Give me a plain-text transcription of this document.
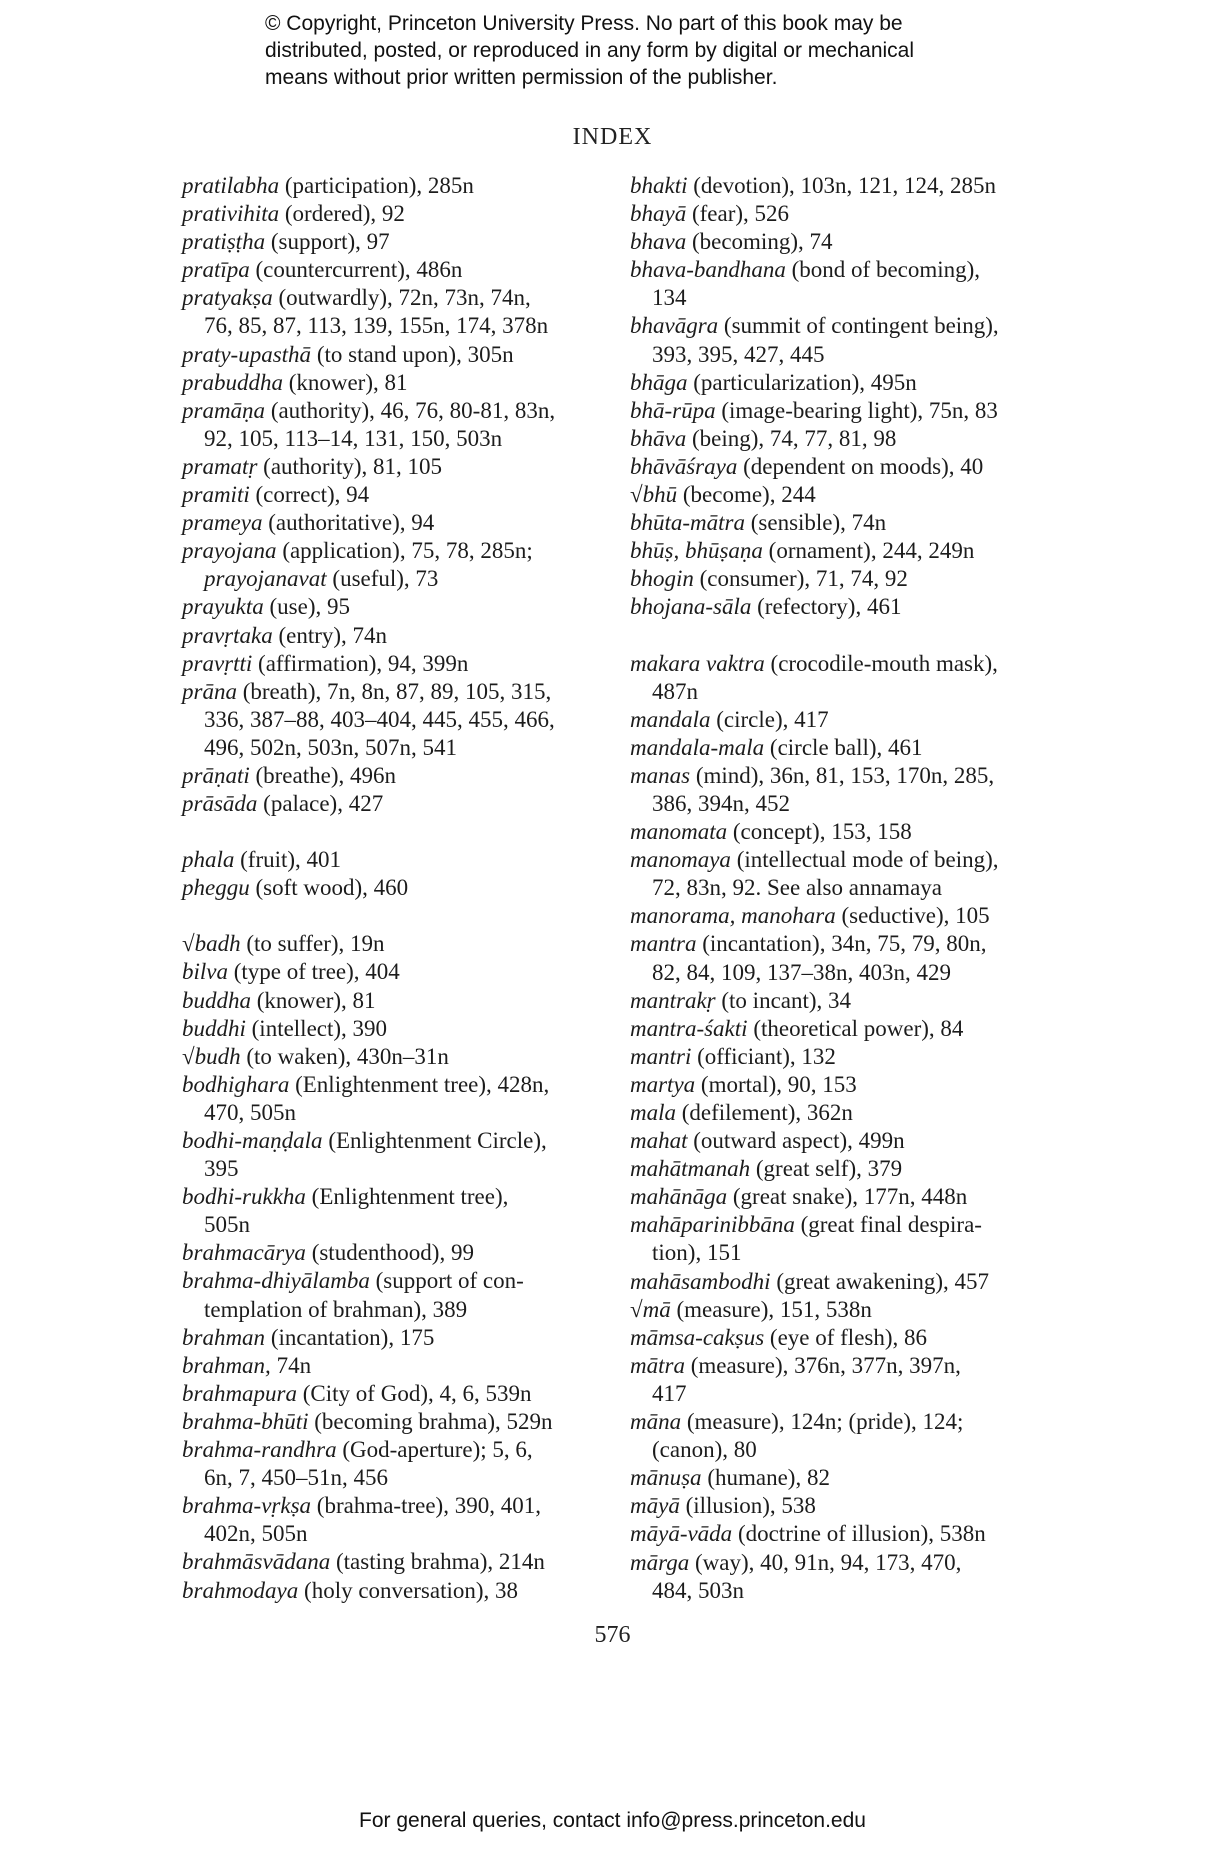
© Copyright, Princeton University Press. No part of this book may be
distributed, posted, or reproduced in any form by digital or mechanical
means without prior written permission of the publisher.
INDEX
pratilabha (participation), 285n
prativihita (ordered), 92
pratiṣṭha (support), 97
pratīpa (countercurrent), 486n
pratyakṣa (outwardly), 72n, 73n, 74n,
76, 85, 87, 113, 139, 155n, 174, 378n
praty-upasthā (to stand upon), 305n
prabuddha (knower), 81
pramāṇa (authority), 46, 76, 80-81, 83n,
92, 105, 113–14, 131, 150, 503n
pramatṛ (authority), 81, 105
pramiti (correct), 94
prameya (authoritative), 94
prayojana (application), 75, 78, 285n;
prayojanavat (useful), 73
prayukta (use), 95
pravṛtaka (entry), 74n
pravṛtti (affirmation), 94, 399n
prāna (breath), 7n, 8n, 87, 89, 105, 315,
336, 387–88, 403–404, 445, 455, 466,
496, 502n, 503n, 507n, 541
prāṇati (breathe), 496n
prāsāda (palace), 427
phala (fruit), 401
pheggu (soft wood), 460
√badh (to suffer), 19n
bilva (type of tree), 404
buddha (knower), 81
buddhi (intellect), 390
√budh (to waken), 430n–31n
bodhighara (Enlightenment tree), 428n,
470, 505n
bodhi-maṇḍala (Enlightenment Circle),
395
bodhi-rukkha (Enlightenment tree),
505n
brahmacārya (studenthood), 99
brahma-dhiyālamba (support of con-
templation of brahman), 389
brahman (incantation), 175
brahman, 74n
brahmapura (City of God), 4, 6, 539n
brahma-bhūti (becoming brahma), 529n
brahma-randhra (God-aperture); 5, 6,
6n, 7, 450–51n, 456
brahma-vṛkṣa (brahma-tree), 390, 401,
402n, 505n
brahmāsvādana (tasting brahma), 214n
brahmodaya (holy conversation), 38
bhakti (devotion), 103n, 121, 124, 285n
bhayā (fear), 526
bhava (becoming), 74
bhava-bandhana (bond of becoming),
134
bhavāgra (summit of contingent being),
393, 395, 427, 445
bhāga (particularization), 495n
bhā-rūpa (image-bearing light), 75n, 83
bhāva (being), 74, 77, 81, 98
bhāvāśraya (dependent on moods), 40
√bhū (become), 244
bhūta-mātra (sensible), 74n
bhūṣ, bhūṣaṇa (ornament), 244, 249n
bhogin (consumer), 71, 74, 92
bhojana-sāla (refectory), 461
makara vaktra (crocodile-mouth mask),
487n
mandala (circle), 417
mandala-mala (circle ball), 461
manas (mind), 36n, 81, 153, 170n, 285,
386, 394n, 452
manomata (concept), 153, 158
manomaya (intellectual mode of being),
72, 83n, 92. See also annamaya
manorama, manohara (seductive), 105
mantra (incantation), 34n, 75, 79, 80n,
82, 84, 109, 137–38n, 403n, 429
mantrakṛ (to incant), 34
mantra-śakti (theoretical power), 84
mantri (officiant), 132
martya (mortal), 90, 153
mala (defilement), 362n
mahat (outward aspect), 499n
mahātmanah (great self), 379
mahānāga (great snake), 177n, 448n
mahāparinibbāna (great final despira-
tion), 151
mahāsambodhi (great awakening), 457
√mā (measure), 151, 538n
māmsa-cakṣus (eye of flesh), 86
mātra (measure), 376n, 377n, 397n,
417
māna (measure), 124n; (pride), 124;
(canon), 80
mānuṣa (humane), 82
māyā (illusion), 538
māyā-vāda (doctrine of illusion), 538n
mārga (way), 40, 91n, 94, 173, 470,
484, 503n
576
For general queries, contact info@press.princeton.edu
